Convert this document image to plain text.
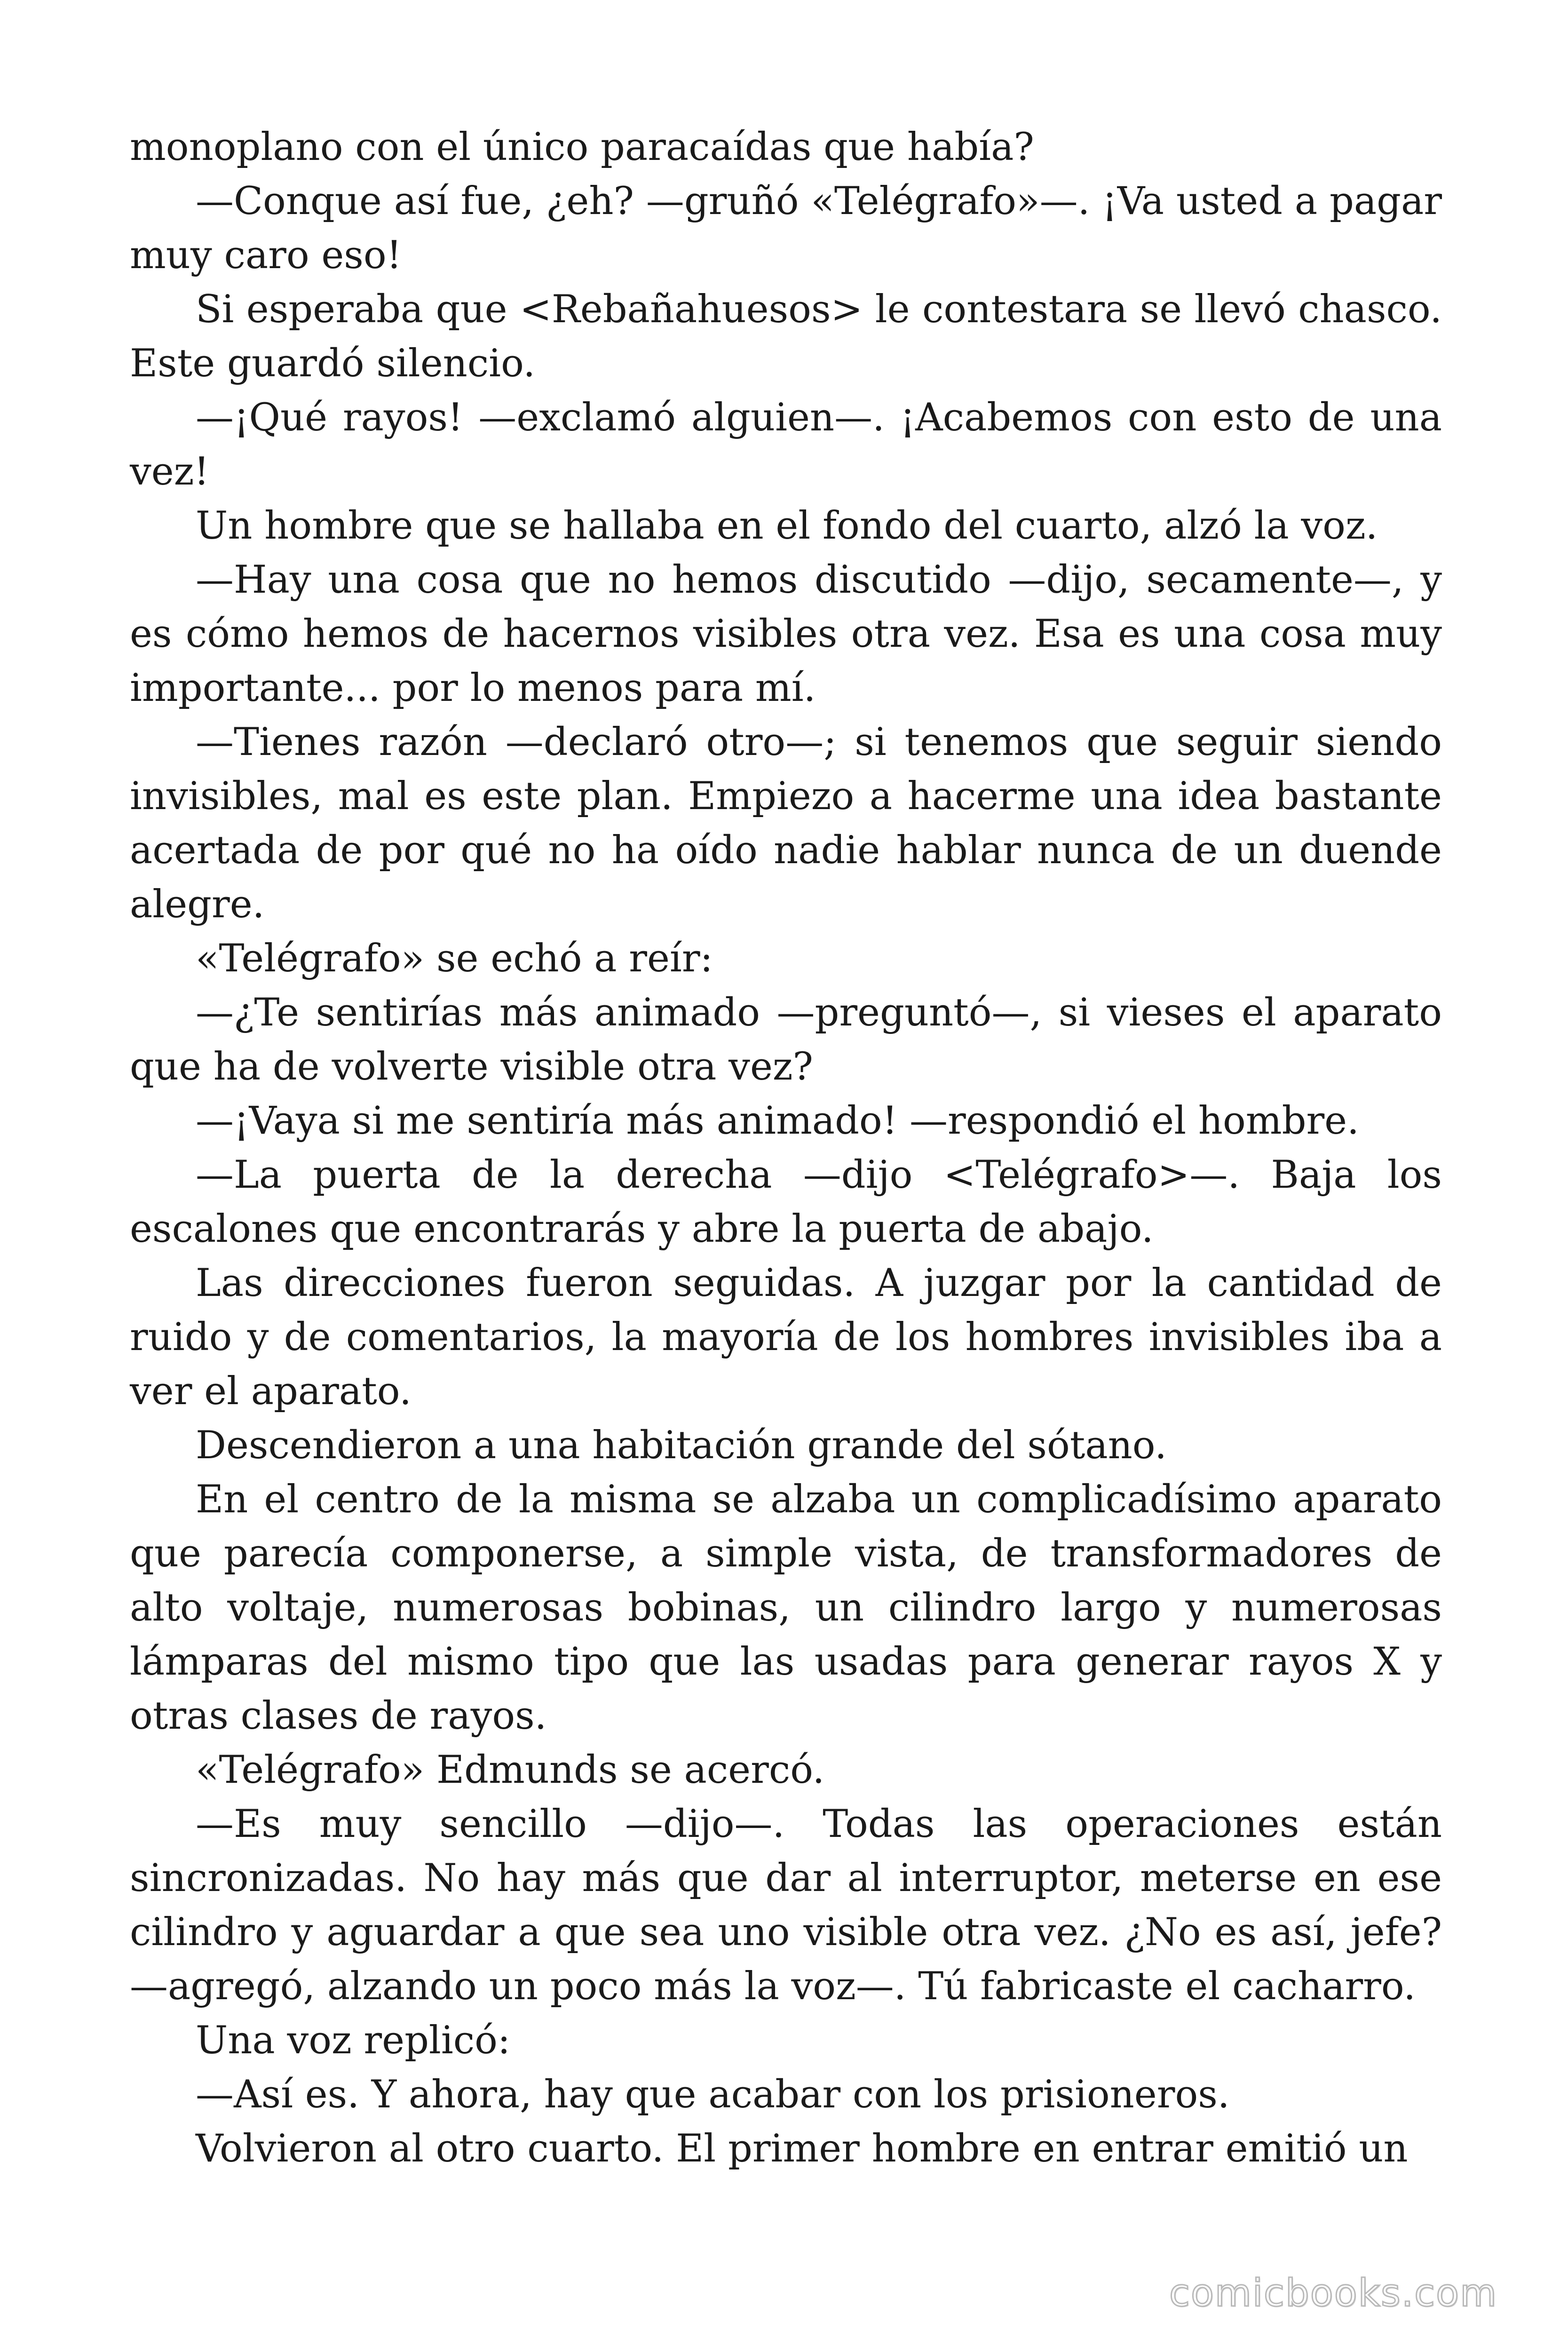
monoplano con el único paracaídas que había?

—Conque así fue, ¿eh? —gruñó «Telégrafo»—. ¡Va usted a pagar muy caro eso!

Si esperaba que <Rebañahuesos> le contestara se llevó chasco. Este guardó silencio.

—¡Qué rayos! —exclamó alguien—. ¡Acabemos con esto de una vez!

Un hombre que se hallaba en el fondo del cuarto, alzó la voz.

—Hay una cosa que no hemos discutido —dijo, secamente—, y es cómo hemos de hacernos visibles otra vez. Esa es una cosa muy importante... por lo menos para mí.

—Tienes razón —declaró otro—; si tenemos que seguir siendo invisibles, mal es este plan. Empiezo a hacerme una idea bastante acertada de por qué no ha oído nadie hablar nunca de un duende alegre.

«Telégrafo» se echó a reír:

—¿Te sentirías más animado —preguntó—, si vieses el aparato que ha de volverte visible otra vez?

—¡Vaya si me sentiría más animado! —respondió el hombre.

—La puerta de la derecha —dijo <Telégrafo>—. Baja los escalones que encontrarás y abre la puerta de abajo.

Las direcciones fueron seguidas. A juzgar por la cantidad de ruido y de comentarios, la mayoría de los hombres invisibles iba a ver el aparato.

Descendieron a una habitación grande del sótano.

En el centro de la misma se alzaba un complicadísimo aparato que parecía componerse, a simple vista, de transformadores de alto voltaje, numerosas bobinas, un cilindro largo y numerosas lámparas del mismo tipo que las usadas para generar rayos X y otras clases de rayos.

«Telégrafo» Edmunds se acercó.

—Es muy sencillo —dijo—. Todas las operaciones están sincronizadas. No hay más que dar al interruptor, meterse en ese cilindro y aguardar a que sea uno visible otra vez. ¿No es así, jefe? —agregó, alzando un poco más la voz—. Tú fabricaste el cacharro.

Una voz replicó:

—Así es. Y ahora, hay que acabar con los prisioneros.

Volvieron al otro cuarto. El primer hombre en entrar emitió un

comicbooks.com
